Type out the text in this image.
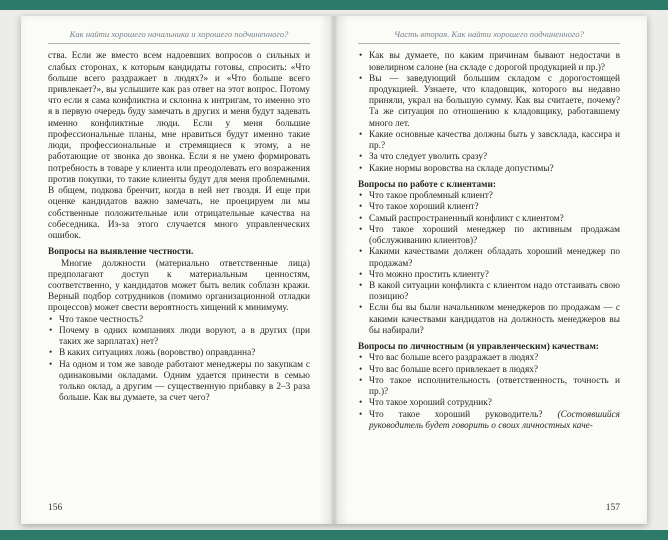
Как найти хорошего начальника и хорошего подчиненного?

ства. Если же вместо всем надоевших вопросов о сильных и слабых сторонах, к которым кандидаты готовы, спросить: «Что больше всего раздражает в людях?» и «Что больше всего привлекает?», вы услышите как раз ответ на этот вопрос. Потому что если я сама конфликтна и склонна к интригам, то именно это я в первую очередь буду замечать в других и меня будут задевать именно конфликтные люди. Если у меня большие профессиональные планы, мне нравиться будут именно такие люди, профессиональные и стремящиеся к этому, а не работающие от звонка до звонка. Если я не умею формировать потребность в товаре у клиента или преодолевать его возражения против покупки, то такие клиенты будут для меня проблемными. В общем, подкова бренчит, когда в ней нет гвоздя. И еще при оценке кандидатов важно замечать, не проецируем ли мы собственные положительные или отрицательные качества на собеседника. Из-за этого случается много управленческих ошибок.

Вопросы на выявление честности.

Многие должности (материально ответственные лица) предполагают доступ к материальным ценностям, соответственно, у кандидатов может быть велик соблазн кражи. Верный подбор сотрудников (помимо организационной отладки процессов) может свести вероятность хищений к минимуму.

• Что такое честность?
• Почему в одних компаниях люди воруют, а в других (при таких же зарплатах) нет?
• В каких ситуациях ложь (воровство) оправданна?
• На одном и том же заводе работают менеджеры по закупкам с одинаковыми окладами. Одним удается принести в семью только оклад, а другим — существенную прибавку в 2–3 раза больше. Как вы думаете, за счет чего?
156
Часть вторая. Как найти хорошего подчиненного?
• Как вы думаете, по каким причинам бывают недостачи в ювелирном салоне (на складе с дорогой продукцией и пр.)?
• Вы — заведующий большим складом с дорогостоящей продукцией. Узнаете, что кладовщик, которого вы недавно приняли, украл на большую сумму. Как вы считаете, почему? Та же ситуация по отношению к кладовщику, работавшему много лет.
• Какие основные качества должны быть у завсклада, кассира и пр.?
• За что следует уволить сразу?
• Какие нормы воровства на складе допустимы?

Вопросы по работе с клиентами:

• Что такое проблемный клиент?
• Что такое хороший клиент?
• Самый распространенный конфликт с клиентом?
• Что такое хороший менеджер по активным продажам (обслуживанию клиентов)?
• Какими качествами должен обладать хороший менеджер по продажам?
• Что можно простить клиенту?
• В какой ситуации конфликта с клиентом надо отстаивать свою позицию?
• Если бы вы были начальником менеджеров по продажам — с какими качествами кандидатов на должность менеджеров вы бы набирали?

Вопросы по личностным (и управленческим) качествам:

• Что вас больше всего раздражает в людях?
• Что вас больше всего привлекает в людях?
• Что такое исполнительность (ответственность, точность и пр.)?
• Что такое хороший сотрудник?
• Что такое хороший руководитель? (Состоявшийся руководитель будет говорить о своих личностных каче-
157
